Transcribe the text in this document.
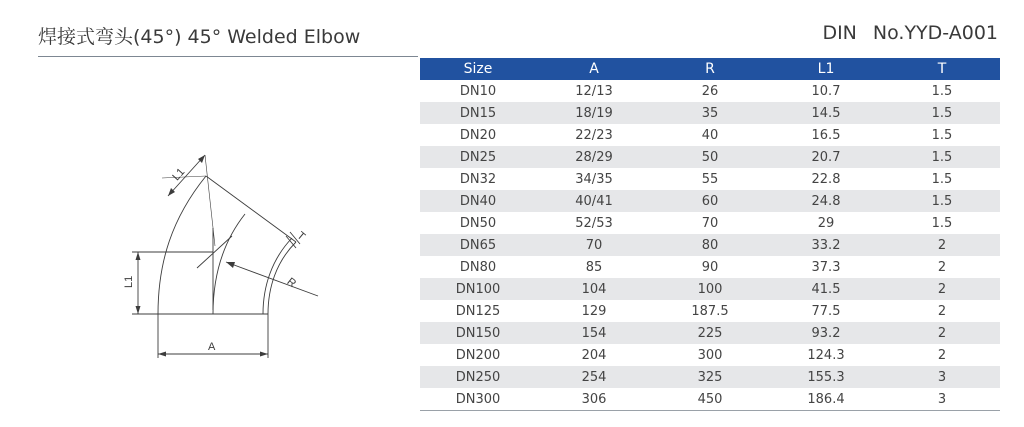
焊接式弯头(45°) 45° Welded Elbow	DIN No.YYD-A001
L1
L1
T
R
A
Size	A	R	L1	T
DN10	12/13	26	10.7	1.5
DN15	18/19	35	14.5	1.5
DN20	22/23	40	16.5	1.5
DN25	28/29	50	20.7	1.5
DN32	34/35	55	22.8	1.5
DN40	40/41	60	24.8	1.5
DN50	52/53	70	29	1.5
DN65	70	80	33.2	2
DN80	85	90	37.3	2
DN100	104	100	41.5	2
DN125	129	187.5	77.5	2
DN150	154	225	93.2	2
DN200	204	300	124.3	2
DN250	254	325	155.3	3
DN300	306	450	186.4	3
